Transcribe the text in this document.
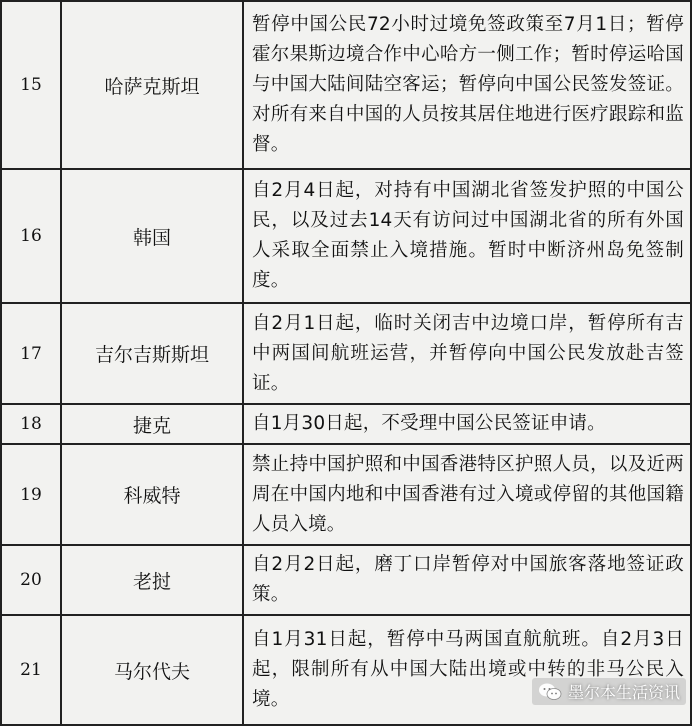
15	哈萨克斯坦	暂停中国公民72小时过境免签政策至7月1日；暂停霍尔果斯边境合作中心哈方一侧工作；暂时停运哈国与中国大陆间陆空客运；暂停向中国公民签发签证。对所有来自中国的人员按其居住地进行医疗跟踪和监督。
16	韩国	自2月4日起，对持有中国湖北省签发护照的中国公民，以及过去14天有访问过中国湖北省的所有外国人采取全面禁止入境措施。暂时中断济州岛免签制度。
17	吉尔吉斯斯坦	自2月1日起，临时关闭吉中边境口岸，暂停所有吉中两国间航班运营，并暂停向中国公民发放赴吉签证。
18	捷克	自1月30日起，不受理中国公民签证申请。
19	科威特	禁止持中国护照和中国香港特区护照人员，以及近两周在中国内地和中国香港有过入境或停留的其他国籍人员入境。
20	老挝	自2月2日起，磨丁口岸暂停对中国旅客落地签证政策。
21	马尔代夫	自1月31日起，暂停中马两国直航航班。自2月3日起，限制所有从中国大陆出境或中转的非马公民入境。	墨尔本生活资讯
